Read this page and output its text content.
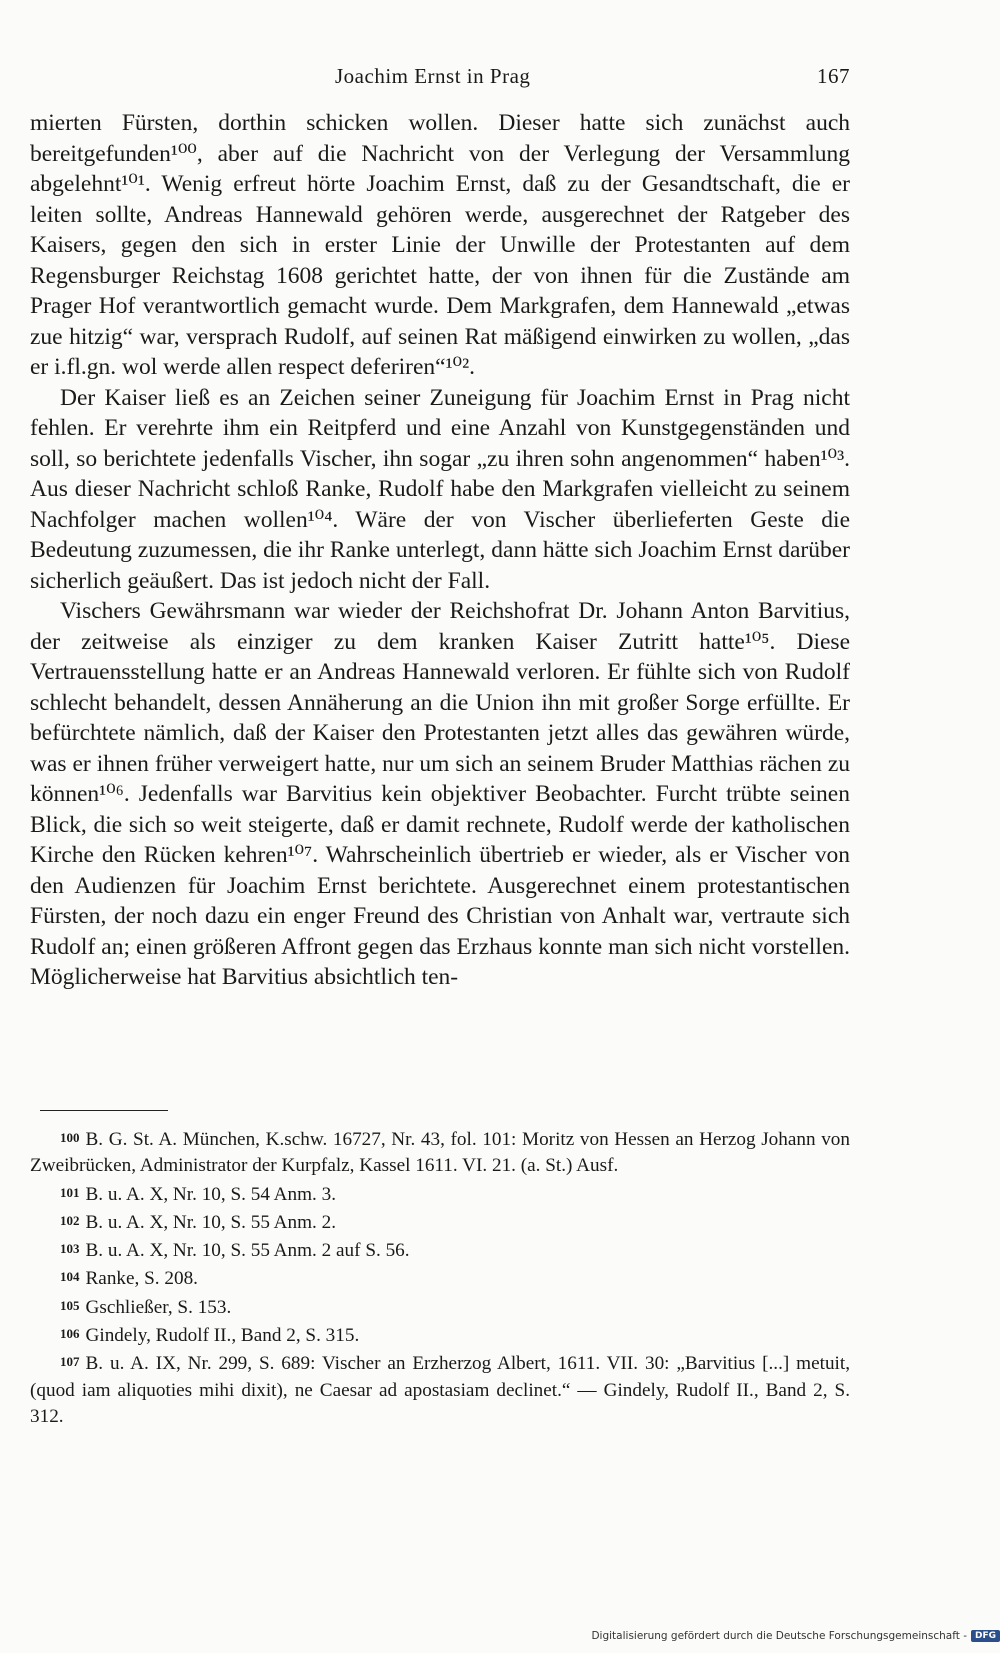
Joachim Ernst in Prag	167

mierten Fürsten, dorthin schicken wollen. Dieser hatte sich zunächst auch bereitgefunden¹⁰⁰, aber auf die Nachricht von der Verlegung der Versammlung abgelehnt¹⁰¹. Wenig erfreut hörte Joachim Ernst, daß zu der Gesandtschaft, die er leiten sollte, Andreas Hannewald gehören werde, ausgerechnet der Ratgeber des Kaisers, gegen den sich in erster Linie der Unwille der Protestanten auf dem Regensburger Reichstag 1608 gerichtet hatte, der von ihnen für die Zustände am Prager Hof verantwortlich gemacht wurde. Dem Markgrafen, dem Hannewald „etwas zue hitzig“ war, versprach Rudolf, auf seinen Rat mäßigend einwirken zu wollen, „das er i.fl.gn. wol werde allen respect deferiren“¹⁰².

Der Kaiser ließ es an Zeichen seiner Zuneigung für Joachim Ernst in Prag nicht fehlen. Er verehrte ihm ein Reitpferd und eine Anzahl von Kunstgegenständen und soll, so berichtete jedenfalls Vischer, ihn sogar „zu ihren sohn angenommen“ haben¹⁰³. Aus dieser Nachricht schloß Ranke, Rudolf habe den Markgrafen vielleicht zu seinem Nachfolger machen wollen¹⁰⁴. Wäre der von Vischer überlieferten Geste die Bedeutung zuzumessen, die ihr Ranke unterlegt, dann hätte sich Joachim Ernst darüber sicherlich geäußert. Das ist jedoch nicht der Fall.

Vischers Gewährsmann war wieder der Reichshofrat Dr. Johann Anton Barvitius, der zeitweise als einziger zu dem kranken Kaiser Zutritt hatte¹⁰⁵. Diese Vertrauensstellung hatte er an Andreas Hannewald verloren. Er fühlte sich von Rudolf schlecht behandelt, dessen Annäherung an die Union ihn mit großer Sorge erfüllte. Er befürchtete nämlich, daß der Kaiser den Protestanten jetzt alles das gewähren würde, was er ihnen früher verweigert hatte, nur um sich an seinem Bruder Matthias rächen zu können¹⁰⁶. Jedenfalls war Barvitius kein objektiver Beobachter. Furcht trübte seinen Blick, die sich so weit steigerte, daß er damit rechnete, Rudolf werde der katholischen Kirche den Rücken kehren¹⁰⁷. Wahrscheinlich übertrieb er wieder, als er Vischer von den Audienzen für Joachim Ernst berichtete. Ausgerechnet einem protestantischen Fürsten, der noch dazu ein enger Freund des Christian von Anhalt war, vertraute sich Rudolf an; einen größeren Affront gegen das Erzhaus konnte man sich nicht vorstellen. Möglicherweise hat Barvitius absichtlich ten-

100 B. G. St. A. München, K.schw. 16727, Nr. 43, fol. 101: Moritz von Hessen an Herzog Johann von Zweibrücken, Administrator der Kurpfalz, Kassel 1611. VI. 21. (a. St.) Ausf.

101 B. u. A. X, Nr. 10, S. 54 Anm. 3.

102 B. u. A. X, Nr. 10, S. 55 Anm. 2.

103 B. u. A. X, Nr. 10, S. 55 Anm. 2 auf S. 56.

104 Ranke, S. 208.

105 Gschließer, S. 153.

106 Gindely, Rudolf II., Band 2, S. 315.

107 B. u. A. IX, Nr. 299, S. 689: Vischer an Erzherzog Albert, 1611. VII. 30: „Barvitius [...] metuit, (quod iam aliquoties mihi dixit), ne Caesar ad apostasiam declinet.“ — Gindely, Rudolf II., Band 2, S. 312.

Digitalisierung gefördert durch die Deutsche Forschungsgemeinschaft - DFG
